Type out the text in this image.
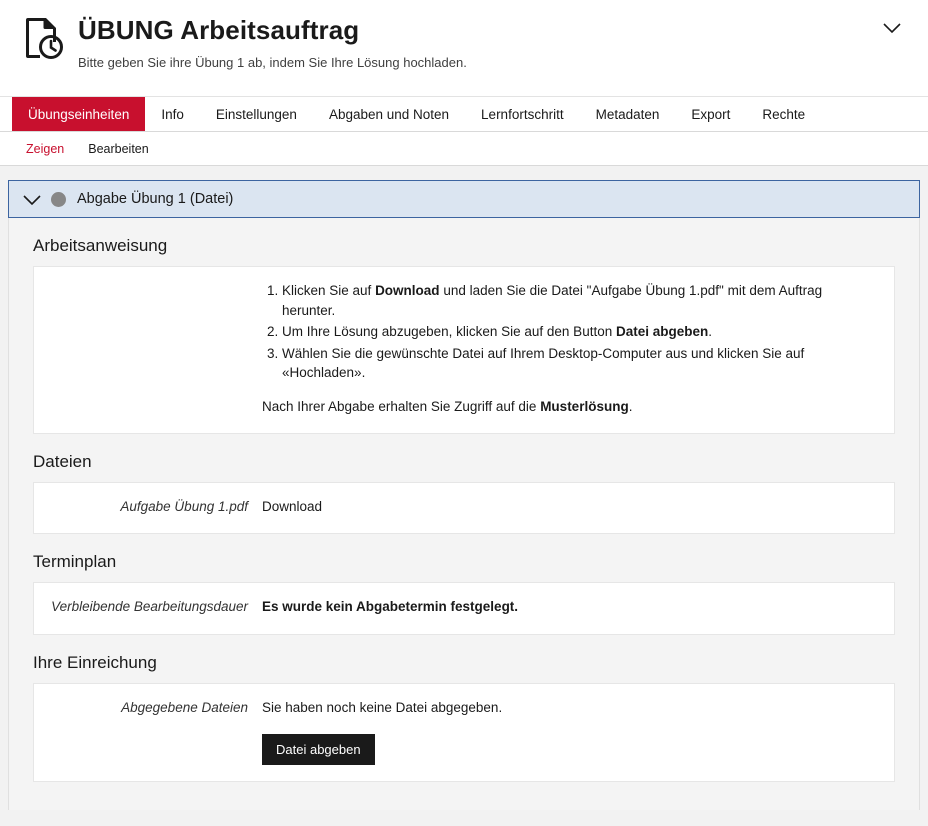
ÜBUNG Arbeitsauftrag
Bitte geben Sie ihre Übung 1 ab, indem Sie Ihre Lösung hochladen.
Übungseinheiten	Info	Einstellungen	Abgaben und Noten	Lernfortschritt	Metadaten	Export	Rechte
Zeigen	Bearbeiten
Abgabe Übung 1 (Datei)
Arbeitsanweisung
1. Klicken Sie auf Download und laden Sie die Datei "Aufgabe Übung 1.pdf" mit dem Auftrag herunter.
2. Um Ihre Lösung abzugeben, klicken Sie auf den Button Datei abgeben.
3. Wählen Sie die gewünschte Datei auf Ihrem Desktop-Computer aus und klicken Sie auf «Hochladen».

Nach Ihrer Abgabe erhalten Sie Zugriff auf die Musterlösung.

Dateien
Aufgabe Übung 1.pdf	Download
Terminplan
Verbleibende Bearbeitungsdauer	Es wurde kein Abgabetermin festgelegt.
Ihre Einreichung
Abgegebene Dateien	Sie haben noch keine Datei abgegeben.
Datei abgeben
